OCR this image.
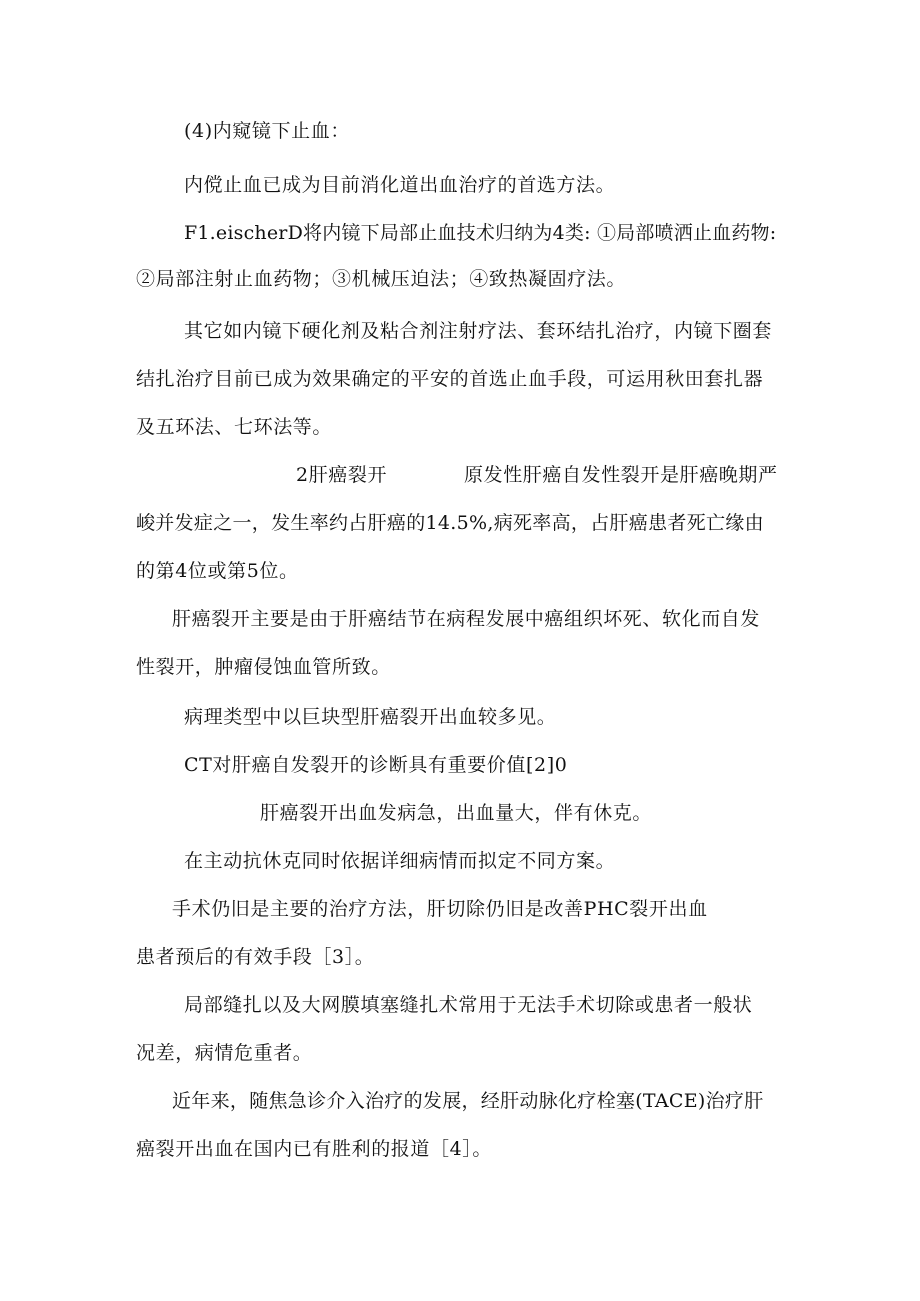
(4)内窥镜下止血：
内傥止血已成为目前消化道出血治疗的首选方法。
F1.eischerD将内镜下局部止血技术归纳为4类: ①局部喷洒止血药物:
②局部注射止血药物；③机械压迫法；④致热凝固疗法。
其它如内镜下硬化剂及粘合剂注射疗法、套环结扎治疗，内镜下圈套
结扎治疗目前已成为效果确定的平安的首选止血手段，可运用秋田套扎器
及五环法、七环法等。
2肝癌裂开	原发性肝癌自发性裂开是肝癌晚期严
峻并发症之一，发生率约占肝癌的14.5%,病死率高，占肝癌患者死亡缘由
的第4位或第5位。
肝癌裂开主要是由于肝癌结节在病程发展中癌组织坏死、软化而自发
性裂开，肿瘤侵蚀血管所致。
病理类型中以巨块型肝癌裂开出血较多见。
CT对肝癌自发裂开的诊断具有重要价值[2]0
肝癌裂开出血发病急，出血量大，伴有休克。
在主动抗休克同时依据详细病情而拟定不同方案。
手术仍旧是主要的治疗方法，肝切除仍旧是改善PHC裂开出血
患者预后的有效手段［3］。
局部缝扎以及大网膜填塞缝扎术常用于无法手术切除或患者一般状
况差，病情危重者。
近年来，随焦急诊介入治疗的发展，经肝动脉化疗栓塞(TACE)治疗肝
癌裂开出血在国内已有胜利的报道［4］。
